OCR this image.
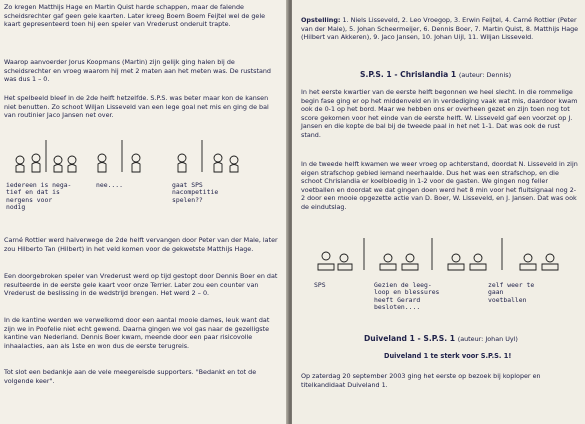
Zo kregen Matthijs Hage en Martin Quist harde schappen, maar de falende scheidsrechter gaf geen gele kaarten. Later kreeg Boem Boem Feijtel wel de gele kaart gepresenteerd toen hij een speler van Vrederust onderuit trapte.

Waarop aanvoerder Jorus Koopmans (Martin) zijn gelijk ging halen bij de scheidsrechter en vroeg waarom hij met 2 maten aan het meten was. De ruststand was dus 1 – 0.

Het spelbeeld bleef in de 2de helft hetzelfde. S.P.S. was beter maar kon de kansen niet benutten. Zo schoot Wiljan Lisseveld van een lege goal net mis en ging de bal van routinier Jaco Jansen net over.

iedereen is nega-
tief en dat is
nergens voor
nodig
nee....	gaat SPS
nacompetitie
spelen??

Carné Rottier werd halverwege de 2de helft vervangen door Peter van der Male, later zou Hilberto Tan (Hilbert) in het veld komen voor de gekwetste Matthijs Hage.

Een doorgebroken speler van Vrederust werd op tijd gestopt door Dennis Boer en dat resulteerde in de eerste gele kaart voor onze Terrier. Later zou een counter van Vrederust de beslissing in de wedstrijd brengen. Het werd 2 – 0.

In de kantine werden we verwelkomd door een aantal mooie dames, leuk want dat zijn we in Poofelie niet echt gewend. Daarna gingen we vol gas naar de gezelligste kantine van Nederland. Dennis Boer kwam, meende door een paar risicovolle inhaalacties, aan als 1ste en won dus de eerste terugreis.

Tot slot een bedankje aan de vele meegereisde supporters. "Bedankt en tot de volgende keer".

Opstelling: 1. Niels Lisseveld, 2. Leo Vroegop, 3. Erwin Feijtel, 4. Carné Rottier (Peter van der Male), 5. Johan Scheermeijer, 6. Dennis Boer, 7. Martin Quist, 8. Matthijs Hage (Hilbert van Akkeren), 9. Jaco Jansen, 10. Johan Uijl, 11. Wiljan Lisseveld.

S.P.S. 1 - Chrislandia 1 (auteur: Dennis)

In het eerste kwartier van de eerste helft begonnen we heel slecht. In die rommelige begin fase ging er op het middenveld en in verdediging vaak wat mis, daardoor kwam ook de 0-1 op het bord. Maar we hebben ons er overheen gezet en zijn toen nog tot score gekomen voor het einde van de eerste helft. W. Lisseveld gaf een voorzet op J. Jansen en die kopte de bal bij de tweede paal in het net 1-1. Dat was ook de rust stand.

In de tweede helft kwamen we weer vroeg op achterstand, doordat N. Lisseveld in zijn eigen strafschop gebied iemand neerhaalde. Dus het was een strafschop, en die schoot Chrislandia er koelbloedig in 1-2 voor de gasten. We gingen nog feller voetballen en doordat we dat gingen doen werd het 8 min voor het fluitsignaal nog 2-2 door een mooie opgezette actie van D. Boer, W. Lisseveld, en J. Jansen. Dat was ook de eindutslag.

SPS	Gezien de leeg-
loop en blessures
heeft Gerard
besloten....
zelf weer te
gaan
voetballen
Duiveland 1 - S.P.S. 1 (auteur: Johan Uyl)
Duiveland 1 te sterk voor S.P.S. 1!

Op zaterdag 20 september 2003 ging het eerste op bezoek bij koploper en titelkandidaat Duiveland 1.
